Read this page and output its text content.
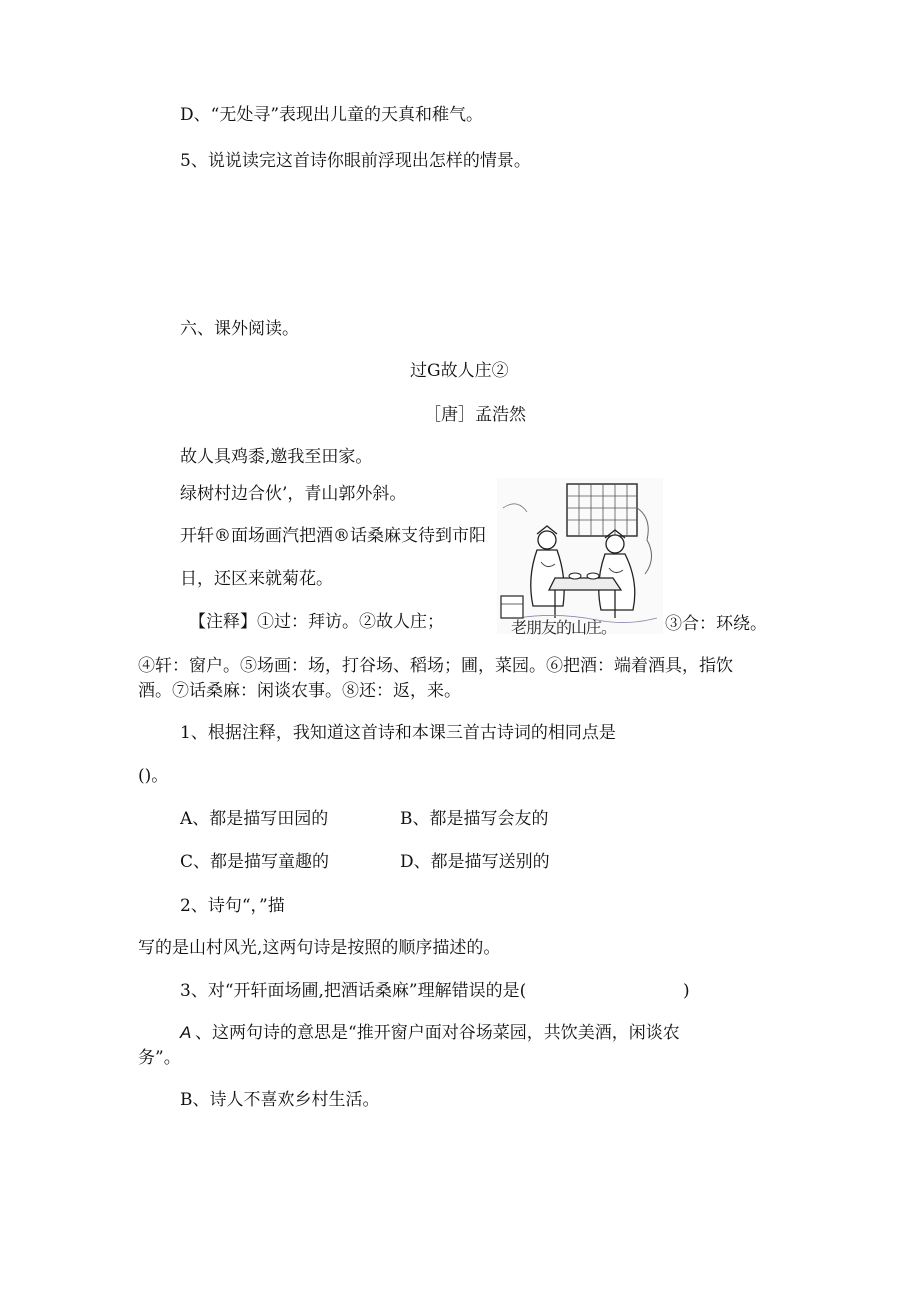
D、“无处寻”表现出儿童的天真和稚气。
5、说说读完这首诗你眼前浮现出怎样的情景。
六、课外阅读。
过G故人庄②
［唐］孟浩然
故人具鸡黍,邀我至田家。
绿树村边合伙’，青山郭外斜。
开轩®面场画汽把酒®话桑麻支待到市阳
日，还区来就菊花。
【注释】①过：拜访。②故人庄；	老朋友的山庄。	③合：环绕。
④轩：窗户。⑤场画：场，打谷场、稻场；圃，菜园。⑥把酒：端着酒具，指饮
酒。⑦话桑麻：闲谈农事。⑧还：返，来。
1、根据注释，我知道这首诗和本课三首古诗词的相同点是
()。
A、都是描写田园的	B、都是描写会友的
C、都是描写童趣的	D、都是描写送别的
2、诗句“，”描
写的是山村风光,这两句诗是按照的顺序描述的。
3、对“开轩面场圃,把酒话桑麻”理解错误的是(	)
A 、这两句诗的意思是“推开窗户面对谷场菜园，共饮美酒，闲谈农
务”。
B、诗人不喜欢乡村生活。
